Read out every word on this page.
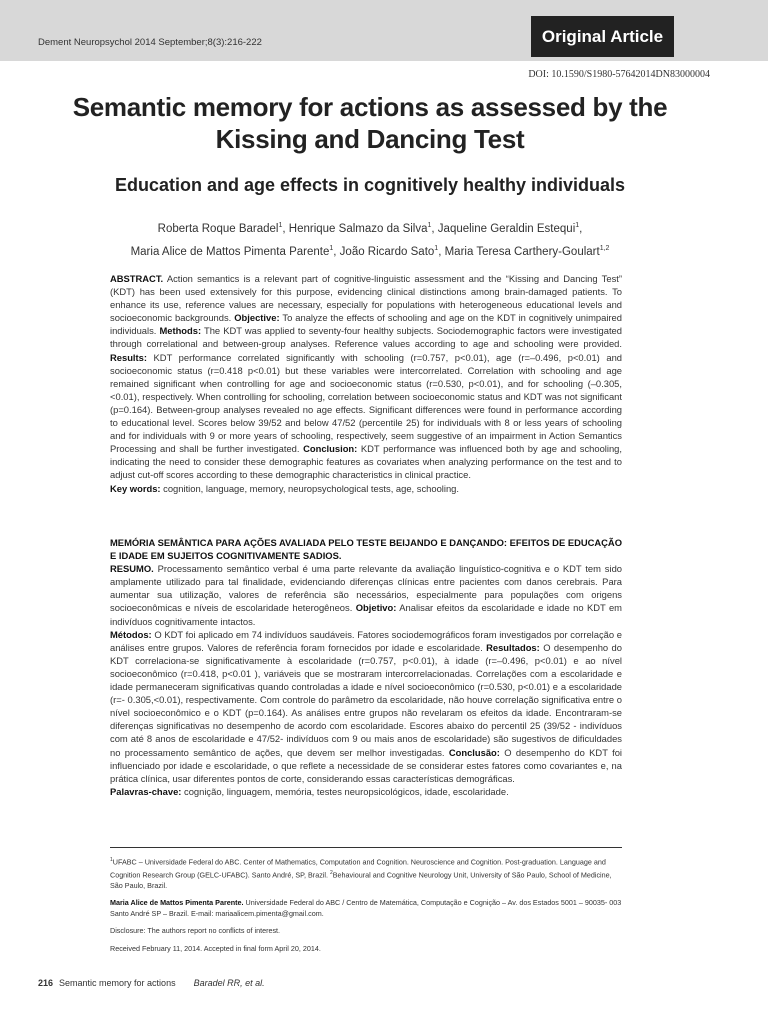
Dement Neuropsychol 2014 September;8(3):216-222	Original Article
DOI: 10.1590/S1980-57642014DN83000004
Semantic memory for actions as assessed by the Kissing and Dancing Test
Education and age effects in cognitively healthy individuals
Roberta Roque Baradel$^1$, Henrique Salmazo da Silva$^1$, Jaqueline Geraldin Estequi$^1$,
Maria Alice de Mattos Pimenta Parente$^1$, João Ricardo Sato$^1$, Maria Teresa Carthery-Goulart$^{1,2}$
ABSTRACT. Action semantics is a relevant part of cognitive-linguistic assessment and the “Kissing and Dancing Test” (KDT) has been used extensively for this purpose, evidencing clinical distinctions among brain-damaged patients. To enhance its use, reference values are necessary, especially for populations with heterogeneous educational levels and socioeconomic backgrounds. Objective: To analyze the effects of schooling and age on the KDT in cognitively unimpaired individuals. Methods: The KDT was applied to seventy-four healthy subjects. Sociodemographic factors were investigated through correlational and between-group analyses. Reference values according to age and schooling were provided. Results: KDT performance correlated significantly with schooling (r=0.757, p<0.01), age (r=–0.496, p<0.01) and socioeconomic status (r=0.418 p<0.01) but these variables were intercorrelated. Correlation with schooling and age remained significant when controlling for age and socioeconomic status (r=0.530, p<0.01), and for schooling (–0.305,<0.01), respectively. When controlling for schooling, correlation between socioeconomic status and KDT was not significant (p=0.164). Between-group analyses revealed no age effects. Significant differences were found in performance according to educational level. Scores below 39/52 and below 47/52 (percentile 25) for individuals with 8 or less years of schooling and for individuals with 9 or more years of schooling, respectively, seem suggestive of an impairment in Action Semantics Processing and shall be further investigated. Conclusion: KDT performance was influenced both by age and schooling, indicating the need to consider these demographic features as covariates when analyzing performance on the test and to adjust cut-off scores according to these demographic characteristics in clinical practice.
Key words: cognition, language, memory, neuropsychological tests, age, schooling.
MEMÓRIA SEMÂNTICA PARA AÇÕES AVALIADA PELO TESTE BEIJANDO E DANÇANDO: EFEITOS DE EDUCAÇÃO E IDADE EM SUJEITOS COGNITIVAMENTE SADIOS.
RESUMO. Processamento semântico verbal é uma parte relevante da avaliação linguístico-cognitiva e o KDT tem sido amplamente utilizado para tal finalidade, evidenciando diferenças clínicas entre pacientes com danos cerebrais. Para aumentar sua utilização, valores de referência são necessários, especialmente para populações com origens socioeconômicas e níveis de escolaridade heterogêneos. Objetivo: Analisar efeitos da escolaridade e idade no KDT em indivíduos cognitivamente intactos.
Métodos: O KDT foi aplicado em 74 indivíduos saudáveis. Fatores sociodemográficos foram investigados por correlação e análises entre grupos. Valores de referência foram fornecidos por idade e escolaridade. Resultados: O desempenho do KDT correlaciona-se significativamente à escolaridade (r=0.757, p<0.01), à idade (r=–0.496, p<0.01) e ao nível socioeconômico (r=0.418, p<0.01 ), variáveis que se mostraram intercorrelacionadas. Correlações com a escolaridade e idade permaneceram significativas quando controladas a idade e nível socioeconômico (r=0.530, p<0.01) e a escolaridade (r=- 0.305,<0.01), respectivamente. Com controle do parâmetro da escolaridade, não houve correlação significativa entre o nível socioeconômico e o KDT (p=0.164). As análises entre grupos não revelaram os efeitos da idade. Encontraram-se diferenças significativas no desempenho de acordo com escolaridade. Escores abaixo do percentil 25 (39/52 - indivíduos com até 8 anos de escolaridade e 47/52- indivíduos com 9 ou mais anos de escolaridade) são sugestivos de dificuldades no processamento semântico de ações, que devem ser melhor investigadas. Conclusão: O desempenho do KDT foi influenciado por idade e escolaridade, o que reflete a necessidade de se considerar estes fatores como covariantes e, na prática clínica, usar diferentes pontos de corte, considerando essas características demográficas.
Palavras-chave: cognição, linguagem, memória, testes neuropsicológicos, idade, escolaridade.

$^1$UFABC – Universidade Federal do ABC. Center of Mathematics, Computation and Cognition. Neuroscience and Cognition. Post-graduation. Language and Cognition Research Group (GELC-UFABC). Santo André, SP, Brazil. $^2$Behavioural and Cognitive Neurology Unit, University of São Paulo, School of Medicine, São Paulo, Brazil.

Maria Alice de Mattos Pimenta Parente. Universidade Federal do ABC / Centro de Matemática, Computação e Cognição – Av. dos Estados 5001 – 90035- 003 Santo André SP – Brazil. E-mail: mariaalicem.pimenta@gmail.com.

Disclosure: The authors report no conflicts of interest.

Received February 11, 2014. Accepted in final form April 20, 2014.

216 Semantic memory for actions Baradel RR, et al.
